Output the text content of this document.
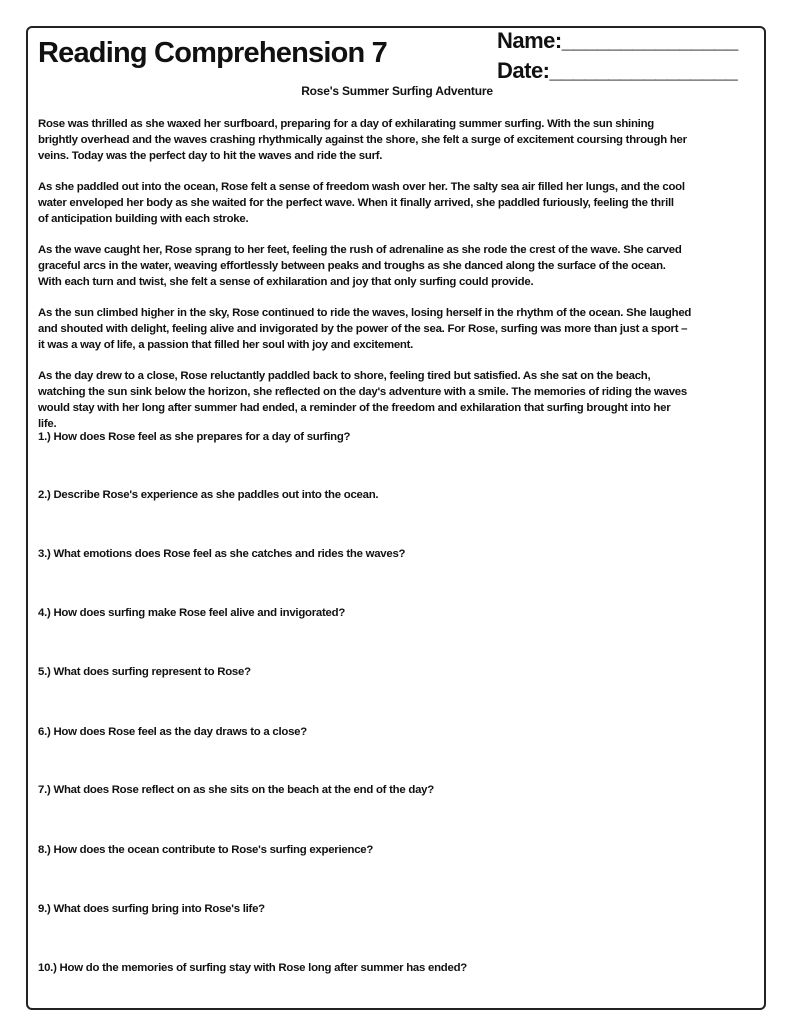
Reading Comprehension 7	Name:_______________
Date:________________
Rose's Summer Surfing Adventure
Rose was thrilled as she waxed her surfboard, preparing for a day of exhilarating summer surfing. With the sun shining
brightly overhead and the waves crashing rhythmically against the shore, she felt a surge of excitement coursing through her
veins. Today was the perfect day to hit the waves and ride the surf.
As she paddled out into the ocean, Rose felt a sense of freedom wash over her. The salty sea air filled her lungs, and the cool
water enveloped her body as she waited for the perfect wave. When it finally arrived, she paddled furiously, feeling the thrill
of anticipation building with each stroke.
As the wave caught her, Rose sprang to her feet, feeling the rush of adrenaline as she rode the crest of the wave. She carved
graceful arcs in the water, weaving effortlessly between peaks and troughs as she danced along the surface of the ocean.
With each turn and twist, she felt a sense of exhilaration and joy that only surfing could provide.
As the sun climbed higher in the sky, Rose continued to ride the waves, losing herself in the rhythm of the ocean. She laughed
and shouted with delight, feeling alive and invigorated by the power of the sea. For Rose, surfing was more than just a sport –
it was a way of life, a passion that filled her soul with joy and excitement.
As the day drew to a close, Rose reluctantly paddled back to shore, feeling tired but satisfied. As she sat on the beach,
watching the sun sink below the horizon, she reflected on the day's adventure with a smile. The memories of riding the waves
would stay with her long after summer had ended, a reminder of the freedom and exhilaration that surfing brought into her
life.
1.) How does Rose feel as she prepares for a day of surfing?
2.) Describe Rose's experience as she paddles out into the ocean.
3.) What emotions does Rose feel as she catches and rides the waves?
4.) How does surfing make Rose feel alive and invigorated?
5.) What does surfing represent to Rose?
6.) How does Rose feel as the day draws to a close?
7.) What does Rose reflect on as she sits on the beach at the end of the day?
8.) How does the ocean contribute to Rose's surfing experience?
9.) What does surfing bring into Rose's life?
10.) How do the memories of surfing stay with Rose long after summer has ended?
